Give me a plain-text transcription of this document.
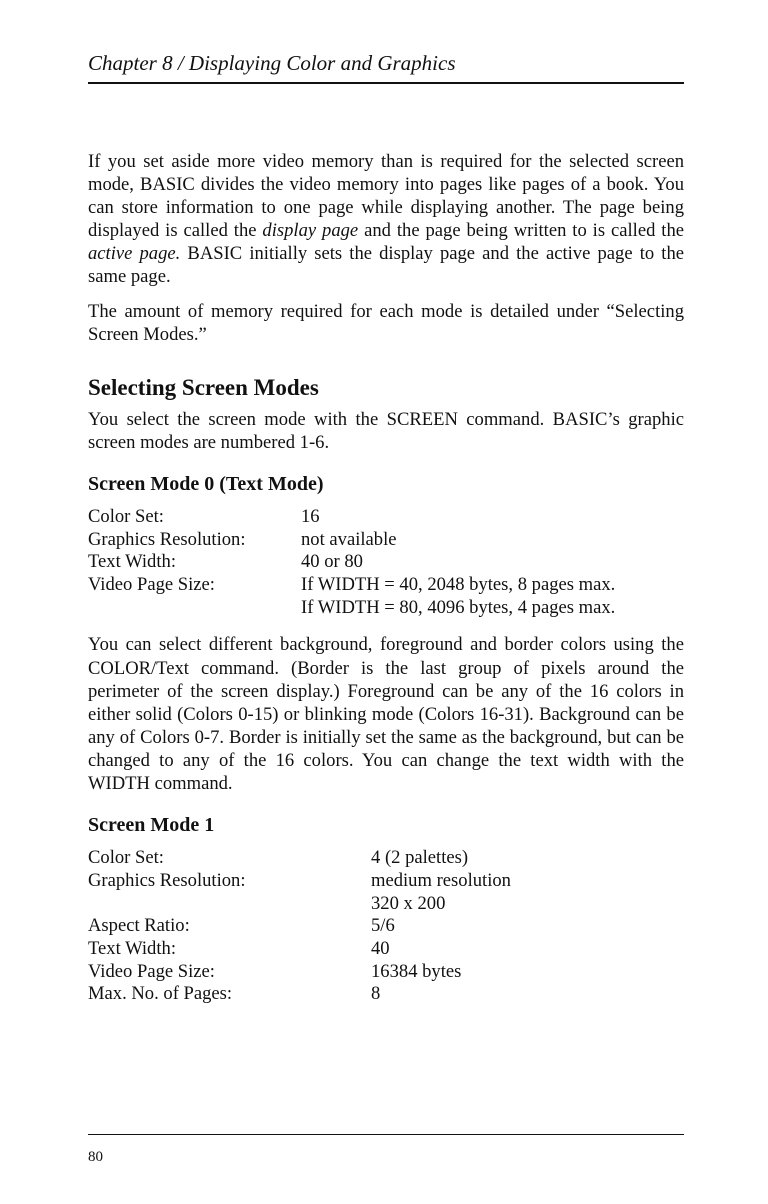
Chapter 8 / Displaying Color and Graphics

If you set aside more video memory than is required for the selected screen mode, BASIC divides the video memory into pages like pages of a book. You can store information to one page while displaying another. The page being displayed is called the display page and the page being written to is called the active page. BASIC initially sets the display page and the active page to the same page.

The amount of memory required for each mode is detailed under “Selecting Screen Modes.”

Selecting Screen Modes

You select the screen mode with the SCREEN command. BASIC’s graphic screen modes are numbered 1-6.

Screen Mode 0 (Text Mode)
Color Set:	16
Graphics Resolution:	not available
Text Width:	40 or 80
Video Page Size:	If WIDTH = 40, 2048 bytes, 8 pages max.
If WIDTH = 80, 4096 bytes, 4 pages max.

You can select different background, foreground and border colors using the COLOR/Text command. (Border is the last group of pixels around the perimeter of the screen display.) Foreground can be any of the 16 colors in either solid (Colors 0-15) or blinking mode (Colors 16-31). Background can be any of Colors 0-7. Border is initially set the same as the background, but can be changed to any of the 16 colors. You can change the text width with the WIDTH command.

Screen Mode 1
Color Set:	4 (2 palettes)
Graphics Resolution:	medium resolution
320 x 200
Aspect Ratio:	5/6
Text Width:	40
Video Page Size:	16384 bytes
Max. No. of Pages:	8
80
